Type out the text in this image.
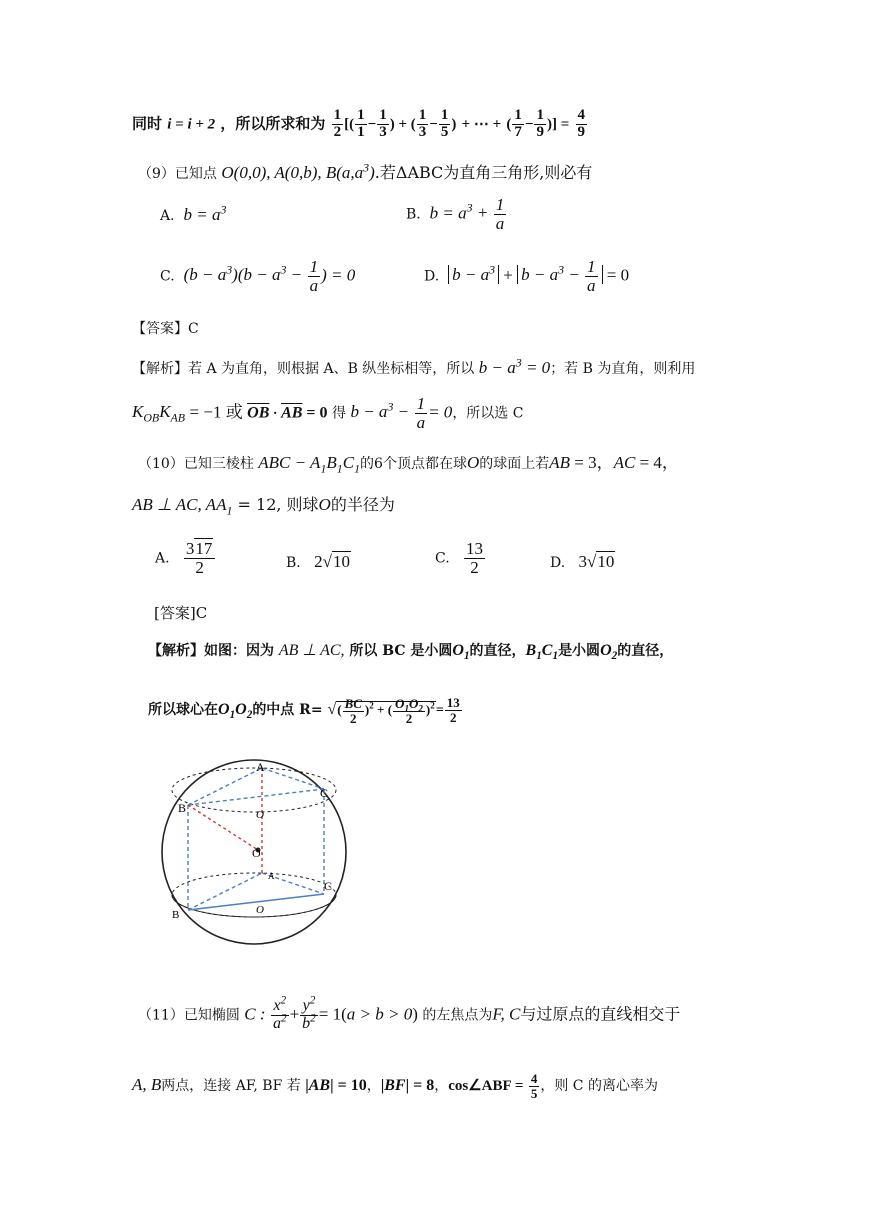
同时 i = i + 2 ，所以所求和为 $\frac{1}{2}$ [( $\frac{1}{1} - \frac{1}{3}$ ) + ( $\frac{1}{3} - \frac{1}{5}$ ) + ⋯ + ( $\frac{1}{7} - \frac{1}{9}$ )] = $\frac{4}{9}$
（9）已知点 O(0,0), A(0,b), $B(a,a^3)$.若ΔABC为直角三角形,则必有
A. $b = a^3$	B. $b = a^3 + \frac{1}{a}$
C. $(b - a^3)(b - a^3 - \frac{1}{a}$ ) = 0	D. $b - a^3 + b - a^3 - \frac{1}{a} = 0$
【答案】C
【解析】若 A 为直角，则根据 A、B 纵坐标相等，所以 $b - a^3 = 0$；若 B 为直角，则利用
$K_{OB}K_{AB} = -1$ 或 $\overline{OB} \cdot \overline{AB} = 0$ 得 $b - a^3 - \frac{1}{a} = 0$，所以选 C
（10）已知三棱柱 ABC − $A_1B_1C_1$的6个顶点都在球O的球面上若AB = 3，AC = 4，
AB ⊥ AC, $AA_1 = 12$, 则球O的半径为
A. $\frac{317}{2}$	B. 2√10	C. $\frac{13}{2}$	D. 3√10
[答案]C
【解析】如图：因为 AB ⊥ AC, 所以 BC 是小圆$O_1$的直径，$B_1C_1$是小圆$O_2$的直径，
所以球心在$O_1O_2$的中点 R= √( $\frac{BC}{2} )^2$ + ( $\frac{O_1O_2}{2} )^2= \frac{13}{2}$
A
B
C
O
O
A
B
C
O
（11）已知椭圆 C : $\frac{x^2}{a^2} + \frac{y^2}{b^2} = 1(a > b > 0)$ 的左焦点为F, C与过原点的直线相交于
A, B两点，连接 AF, BF 若 |AB| = 10，|BF| = 8，cos∠ABF = $\frac{4}{5}$ ，则 C 的离心率为
